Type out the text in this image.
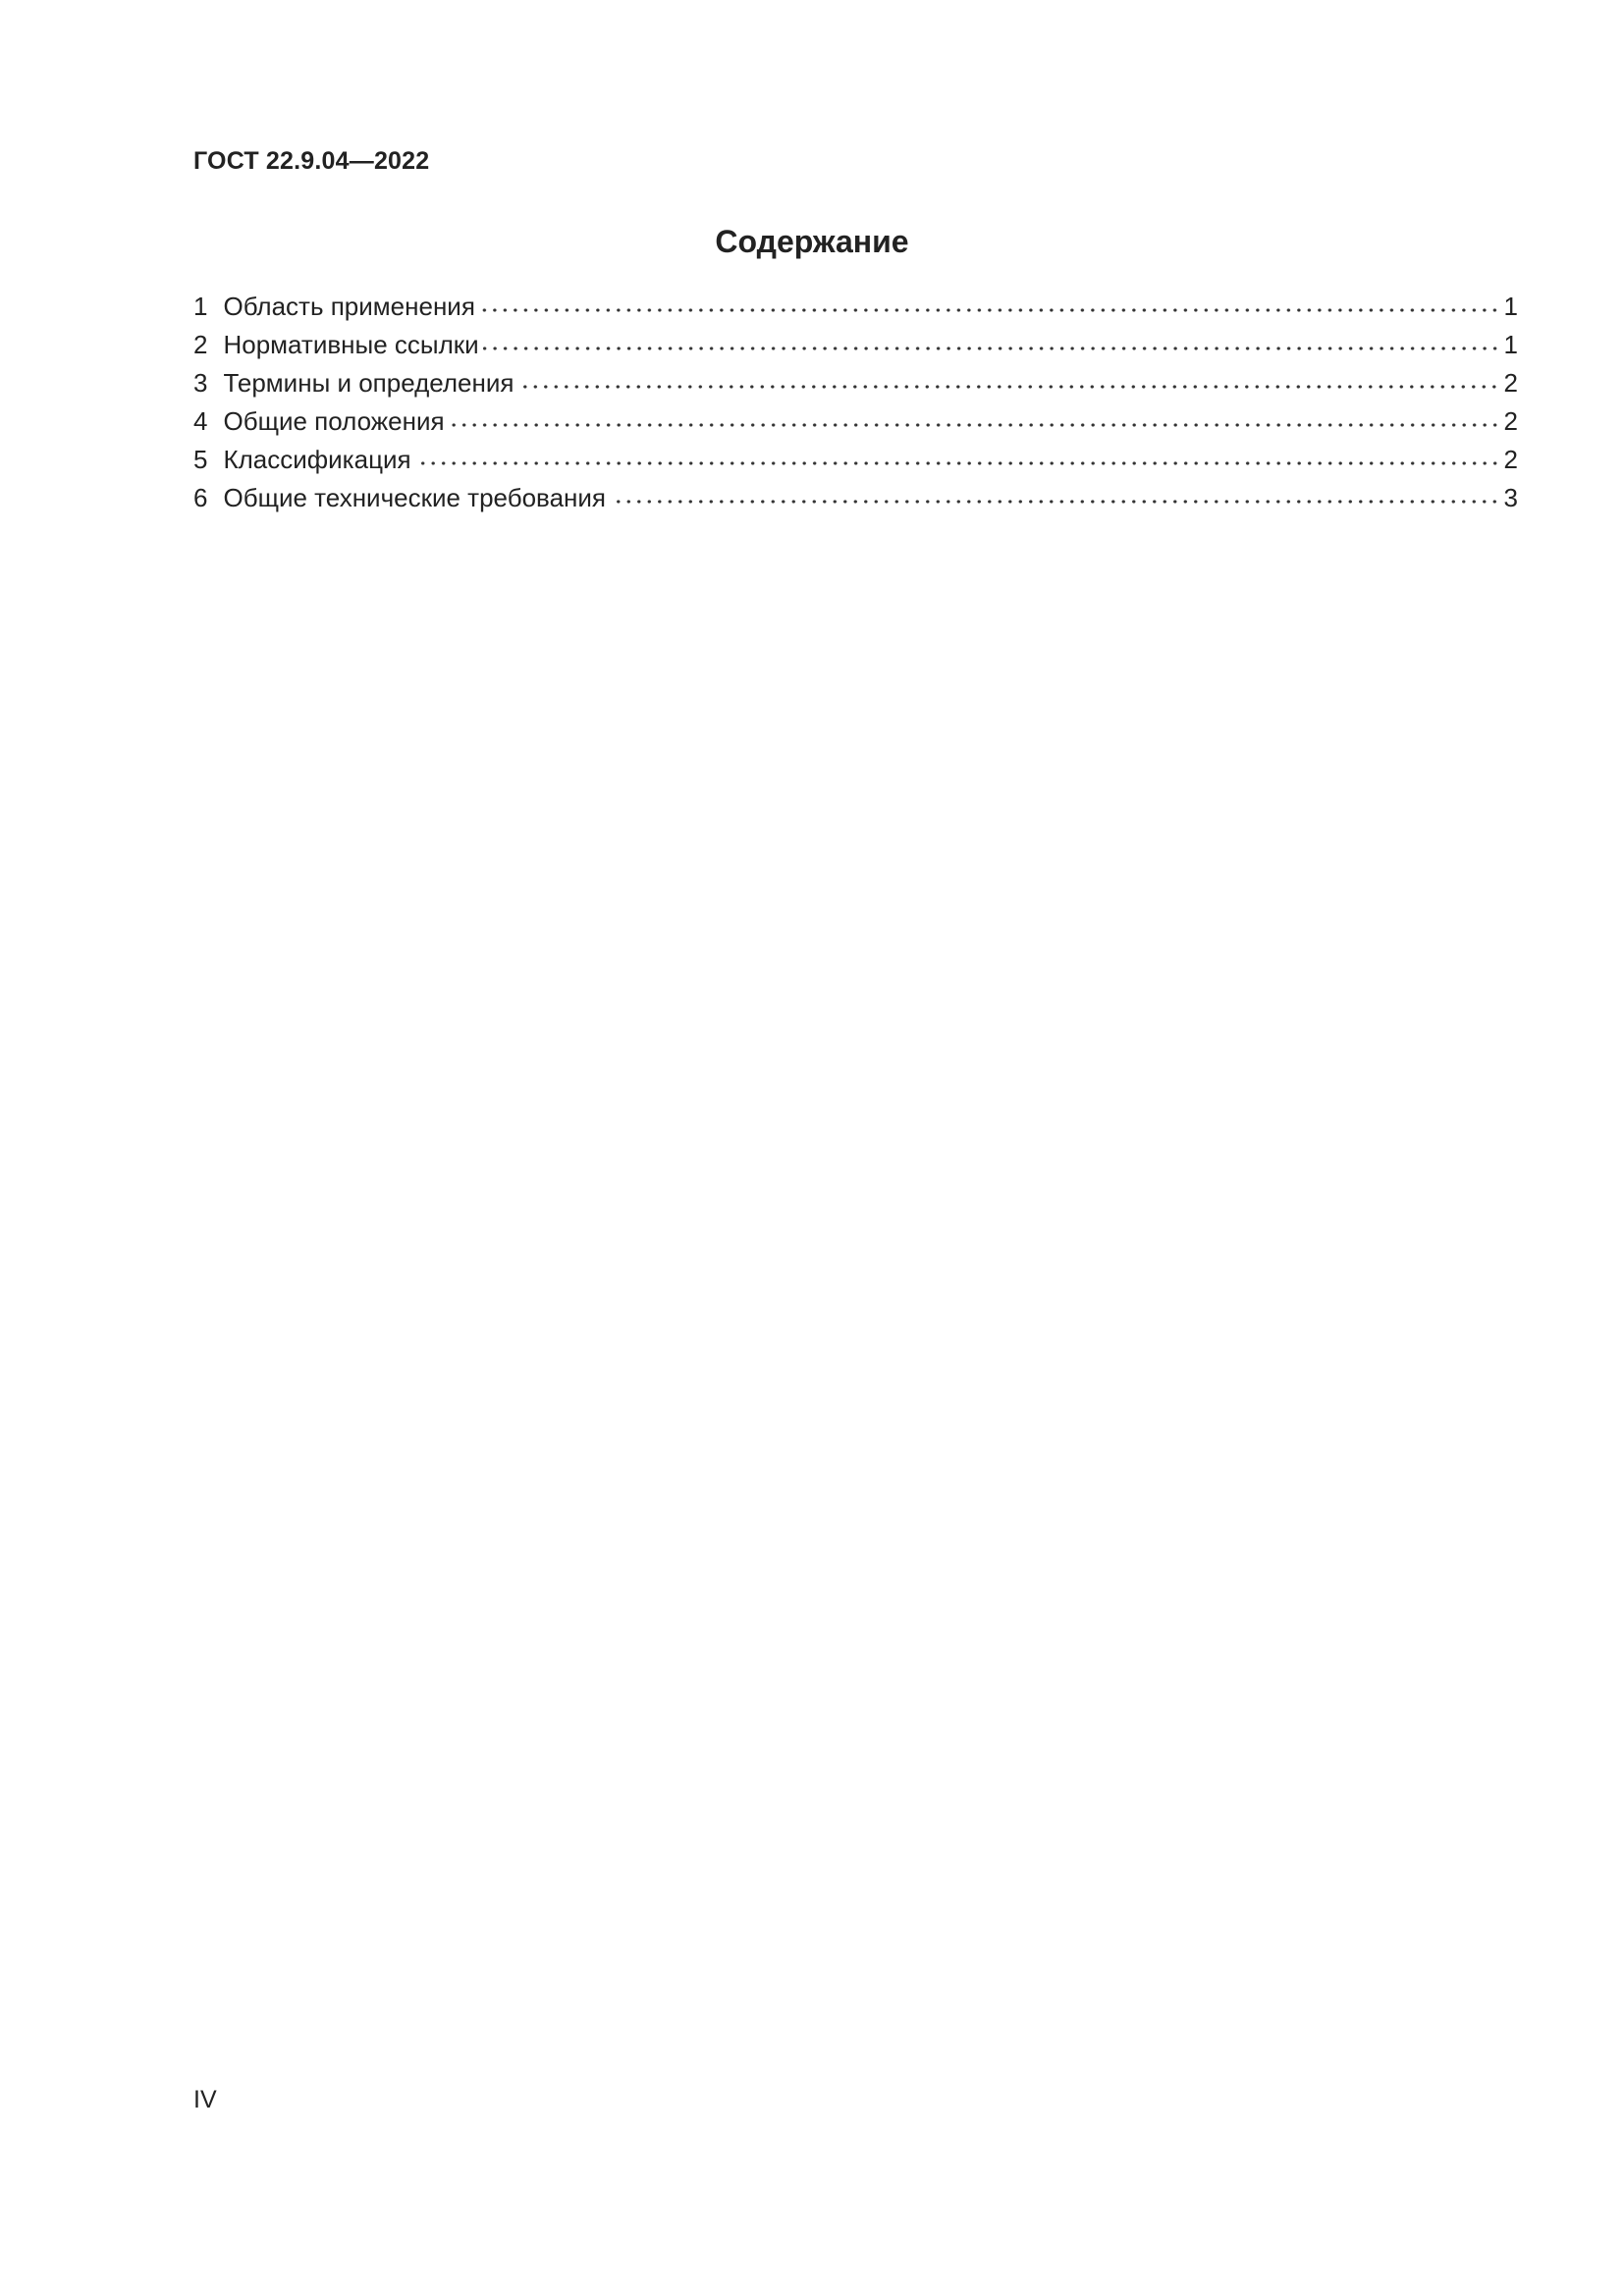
ГОСТ 22.9.04—2022
Содержание
1 Область применения	1
2 Нормативные ссылки	1
3 Термины и определения	2
4 Общие положения	2
5 Классификация	2
6 Общие технические требования	3
IV
